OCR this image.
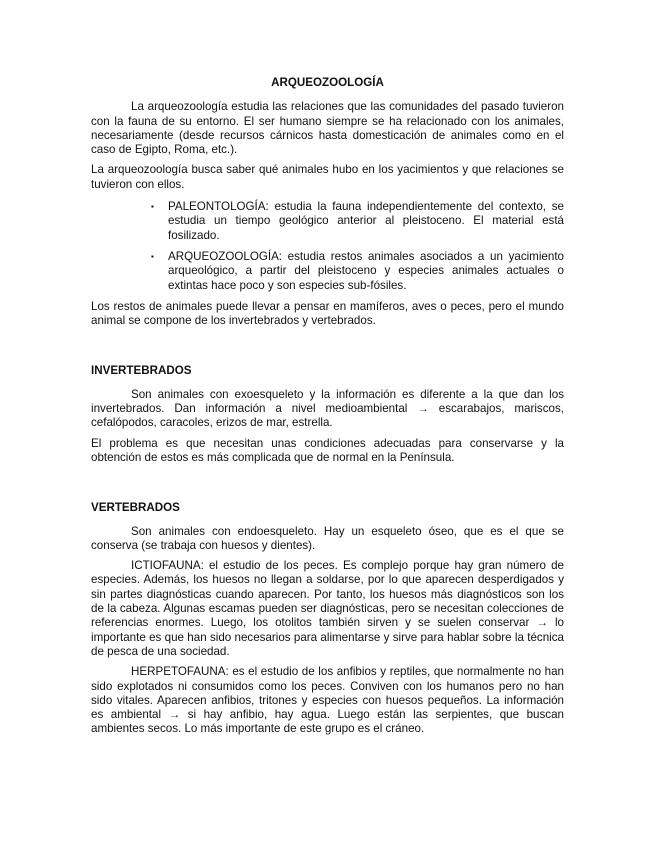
ARQUEOZOOLOGÍA

La arqueozoología estudia las relaciones que las comunidades del pasado tuvieron con la fauna de su entorno. El ser humano siempre se ha relacionado con los animales, necesariamente (desde recursos cárnicos hasta domesticación de animales como en el caso de Egipto, Roma, etc.).

La arqueozoología busca saber qué animales hubo en los yacimientos y que relaciones se tuvieron con ellos.

▪ PALEONTOLOGÍA: estudia la fauna independientemente del contexto, se estudia un tiempo geológico anterior al pleistoceno. El material está fosilizado.
▪ ARQUEOZOOLOGÍA: estudia restos animales asociados a un yacimiento arqueológico, a partir del pleistoceno y especies animales actuales o extintas hace poco y son especies sub-fósiles.

Los restos de animales puede llevar a pensar en mamíferos, aves o peces, pero el mundo animal se compone de los invertebrados y vertebrados.

INVERTEBRADOS

Son animales con exoesqueleto y la información es diferente a la que dan los invertebrados. Dan información a nivel medioambiental → escarabajos, mariscos, cefalópodos, caracoles, erizos de mar, estrella.

El problema es que necesitan unas condiciones adecuadas para conservarse y la obtención de estos es más complicada que de normal en la Península.

VERTEBRADOS

Son animales con endoesqueleto. Hay un esqueleto óseo, que es el que se conserva (se trabaja con huesos y dientes).

ICTIOFAUNA: el estudio de los peces. Es complejo porque hay gran número de especies. Además, los huesos no llegan a soldarse, por lo que aparecen desperdigados y sin partes diagnósticas cuando aparecen. Por tanto, los huesos más diagnósticos son los de la cabeza. Algunas escamas pueden ser diagnósticas, pero se necesitan colecciones de referencias enormes. Luego, los otolitos también sirven y se suelen conservar → lo importante es que han sido necesarios para alimentarse y sirve para hablar sobre la técnica de pesca de una sociedad.

HERPETOFAUNA: es el estudio de los anfibios y reptiles, que normalmente no han sido explotados ni consumidos como los peces. Conviven con los humanos pero no han sido vitales. Aparecen anfibios, tritones y especies con huesos pequeños. La información es ambiental → si hay anfibio, hay agua. Luego están las serpientes, que buscan ambientes secos. Lo más importante de este grupo es el cráneo.
